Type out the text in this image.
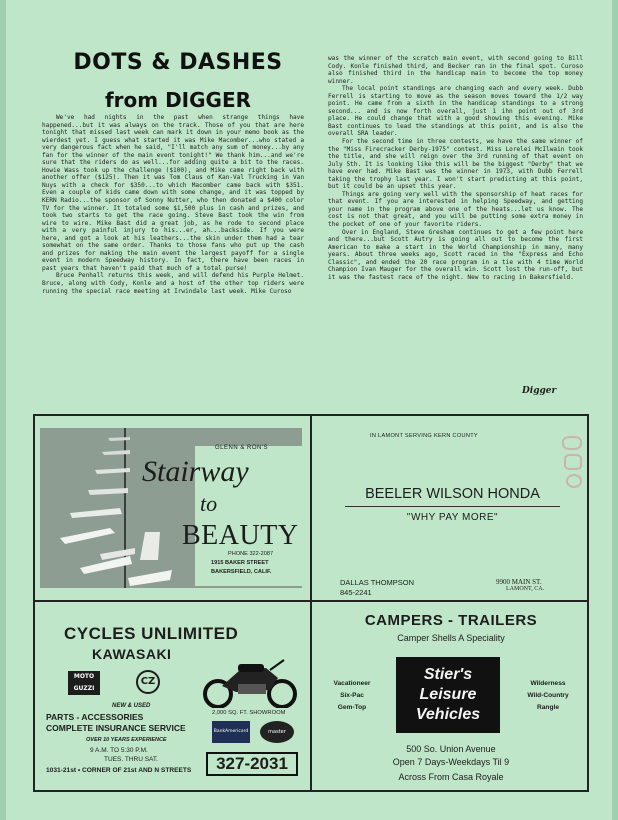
DOTS & DASHES
from DIGGER

We've had nights in the past when strange things have happened...but it was always on the track. Those of you that are here tonight that missed last week can mark it down in your memo book as the wierdest yet. I guess what started it was Mike Macomber...who stated a very dangerous fact when he said, "I'll match any sum of money...by any fan for the winner of the main event tonight!" We thank him...and we're sure that the riders do as well...for adding quite a bit to the races. Howie Wass took up the challenge ($100), and Mike came right back with another offer ($125). Then it was Tom Claus of Kan-Val Trucking in Van Nuys with a check for $350...to which Macomber came back with $351. Even a couple of kids came down with some change, and it was topped by KERN Radio...the sponsor of Sonny Nutter, who then donated a $400 color TV for the winner. It totaled some $1,500 plus in cash and prizes, and took two starts to get the race going. Steve Bast took the win from wire to wire. Mike Bast did a great job, as he rode to second place with a very painful injury to his...er, ah...backside. If you were here, and got a look at his leathers...the skin under them had a tear somewhat on the same order. Thanks to those fans who put up the cash and prizes for making the main event the largest payoff for a single event in modern Speedway history. In fact, there have been races in past years that haven't paid that much of a total purse!

Bruce Penhall returns this week, and will defend his Purple Helmet. Bruce, along with Cody, Konle and a host of the other top riders were running the special race meeting at Irwindale last week. Mike Curoso

was the winner of the scratch main event, with second going to Bill Cody. Konle finished third, and Becker ran in the final spot. Curoso also finished third in the handicap main to become the top money winner.

The local point standings are changing each and every week. Dubb Ferrell is starting to move as the season moves toward the 1/2 way point. He came from a sixth in the handicap standings to a strong second... and is now forth overall, just 1 ihn point out of 3rd place. He could change that with a good showing this evening. Mike Bast continues to lead the standings at this point, and is also the overall SRA leader.

For the second time in three contests, we have the same winner of the "Miss Firecracker Derby-1975" contest. Miss Lorelei McIlwain took the title, and she will reign over the 3rd running of that event on July 5th. It is looking like this will be the biggest "Derby" that we have ever had. Mike Bast was the winner in 1973, with Dubb Ferrell taking the trophy last year. I won't start predicting at this point, but it could be an upset this year.

Things are going very well with the sponsorship of heat races for that event. If you are interested in helping Speedway, and getting your name in the program above one of the heats...let us know. The cost is not that great, and you will be putting some extra money in the pocket of one of your favorite riders.

Over in England, Steve Gresham continues to get a few point here and there...but Scott Autry is going all out to become the first American to make a start in the World Championship in many, many years. About three weeks ago, Scott raced in the "Express and Echo Classic", and ended the 20 race program in a tie with 4 time World Champion Ivan Mauger for the overall win. Scott lost the run-off, but it was the fastest race of the night. New to racing in Bakersfield.

Digger
GLENN & RON'S
Stairway
to
BEAUTY
PHONE 322-2087
1915 BAKER STREET
BAKERSFIELD, CALIF.
IN LAMONT SERVING KERN COUNTY
BEELER WILSON HONDA
"WHY PAY MORE"
DALLAS THOMPSON
845-2241
9900 MAIN ST.
LAMONT, CA.
CYCLES UNLIMITED
KAWASAKI
MOTO GUZZI
CZ
NEW & USED
PARTS - ACCESSORIES
COMPLETE INSURANCE SERVICE
OVER 10 YEARS EXPERIENCE
9 A.M. TO 5:30 P.M.
TUES. THRU SAT.
1031-21st • CORNER OF 21st AND N STREETS
2,000 SQ. FT. SHOWROOM
BankAmericard	master
327-2031
CAMPERS - TRAILERS
Camper Shells A Speciality
Vacationeer
Six-Pac
Gem-Top
Wilderness
Wild-Country
Rangle
Stier's
Leisure
Vehicles
500 So. Union Avenue
Open 7 Days-Weekdays Til 9
Across From Casa Royale
